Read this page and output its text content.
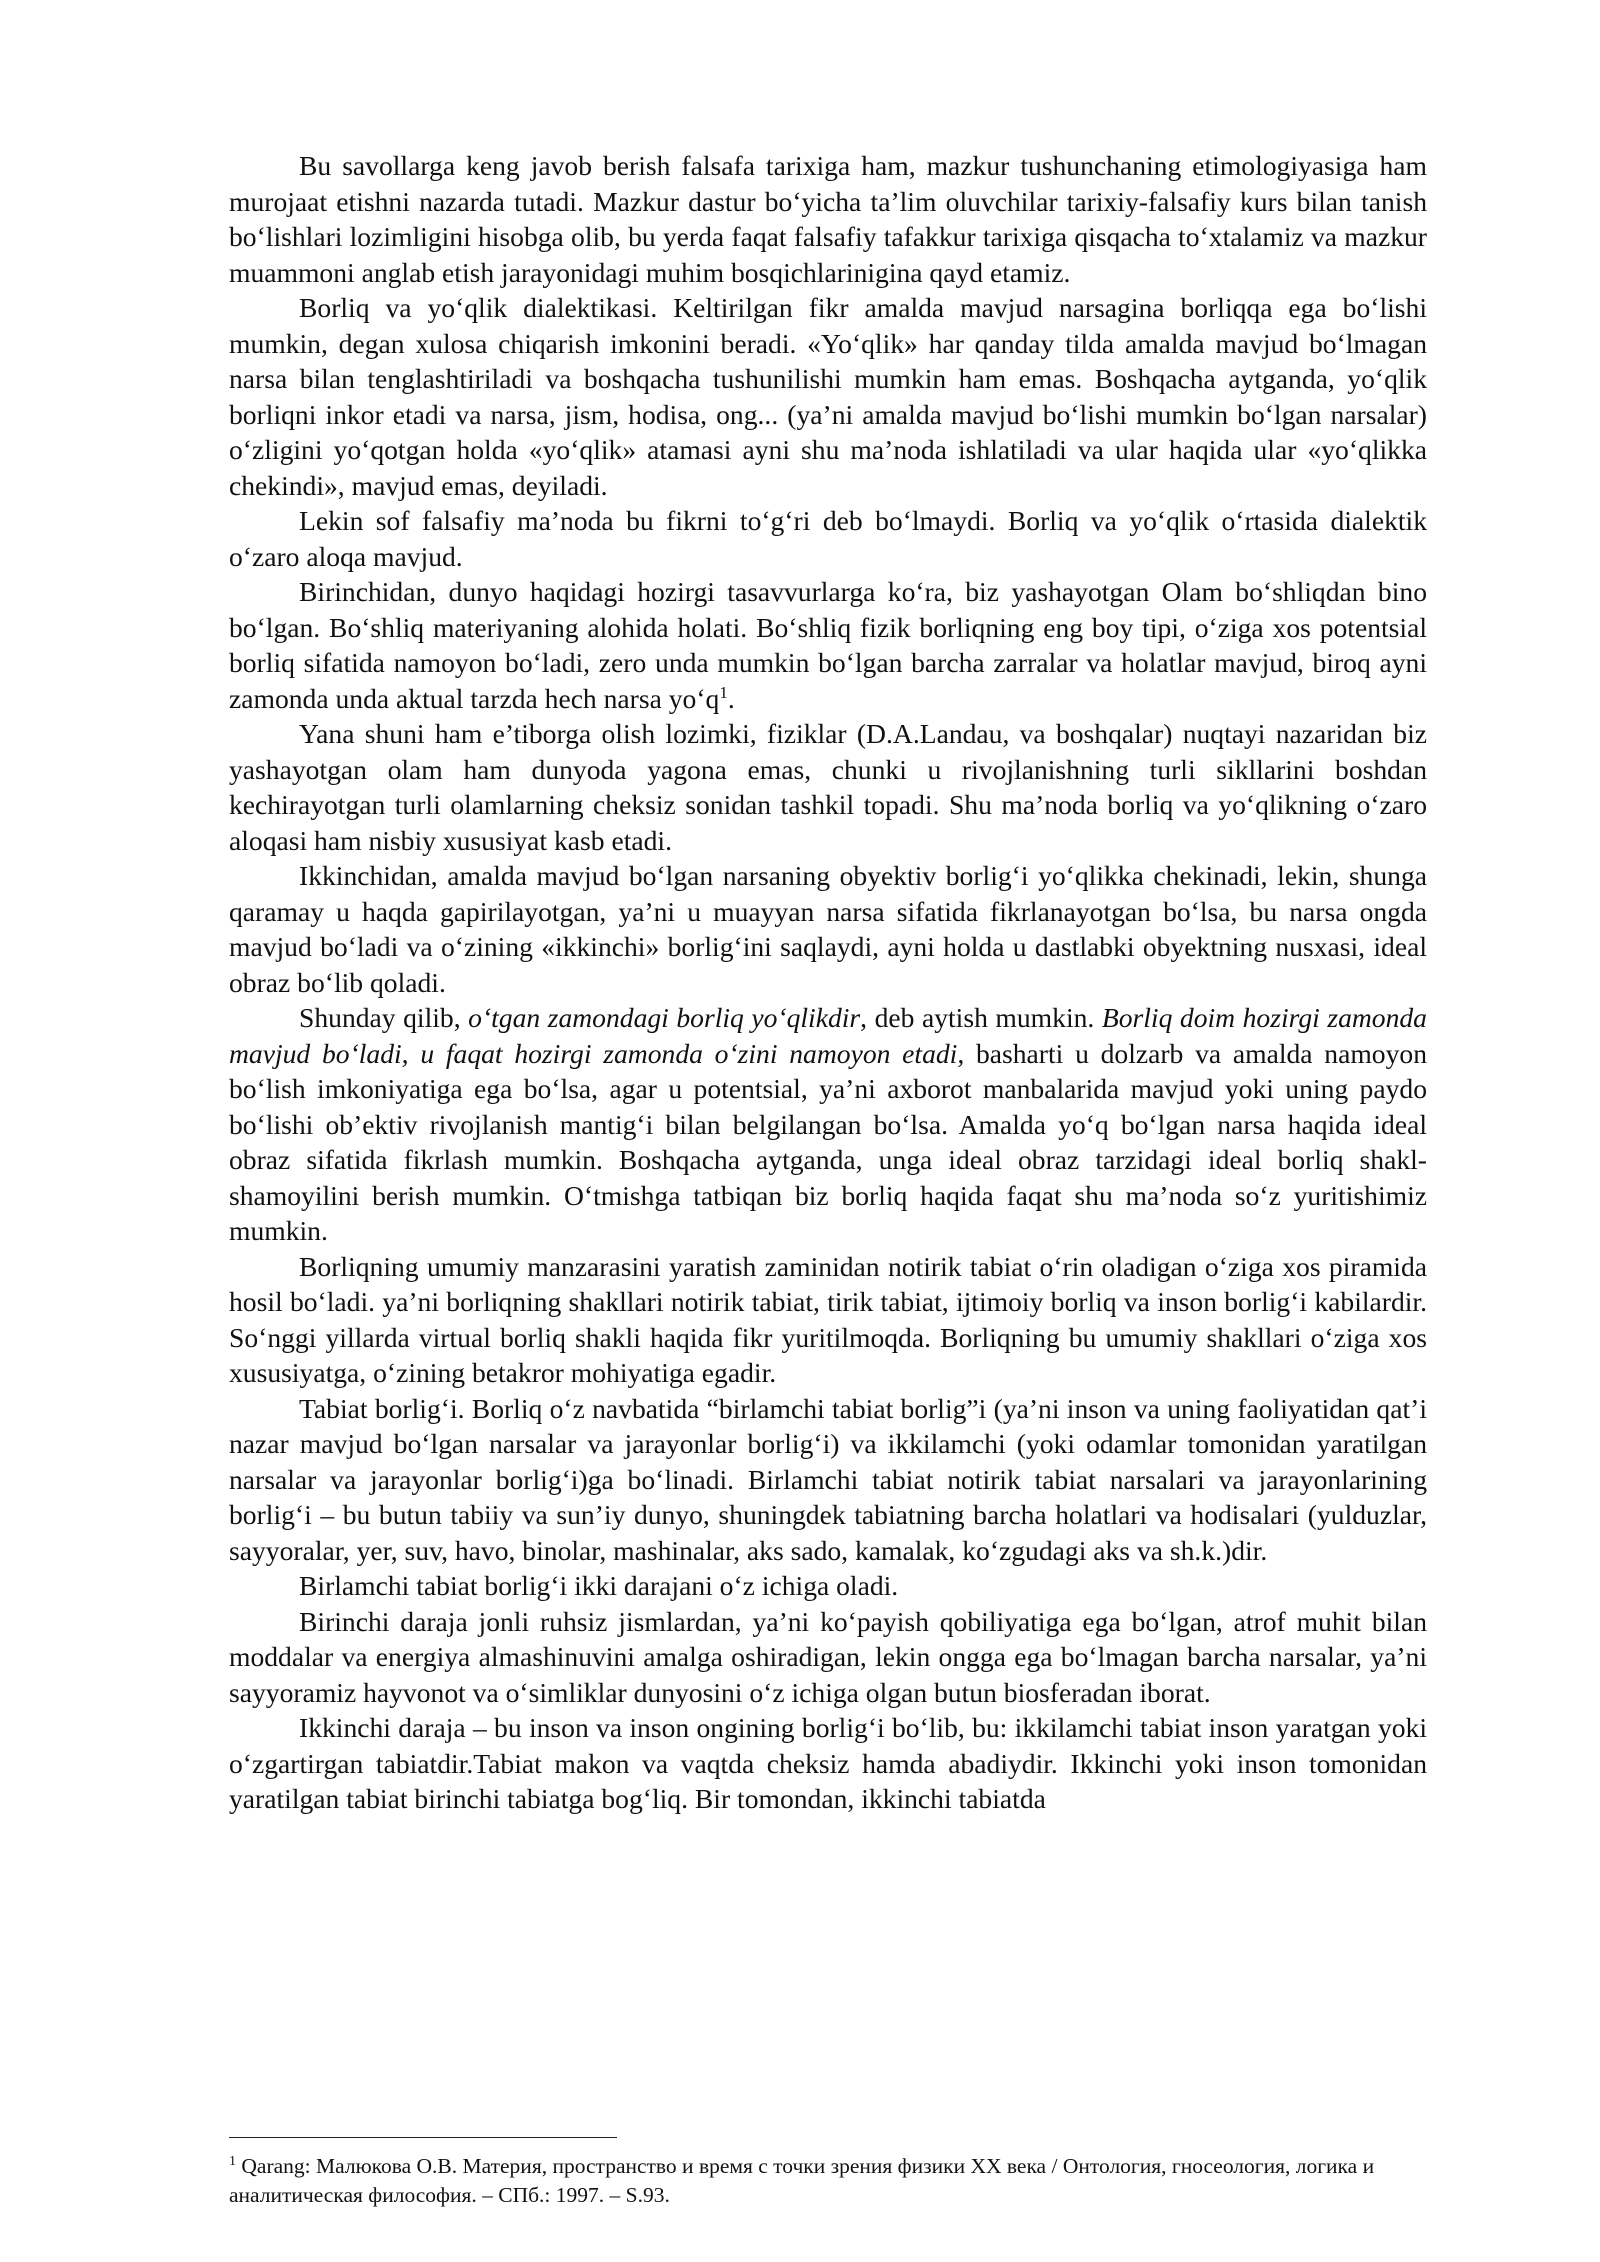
Bu savollarga keng javob berish falsafa tarixiga ham, mazkur tushunchaning etimologiyasiga ham murojaat etishni nazarda tutadi. Mazkur dastur bo‘yicha ta’lim oluvchilar tarixiy-falsafiy kurs bilan tanish bo‘lishlari lozimligini hisobga olib, bu yerda faqat falsafiy tafakkur tarixiga qisqacha to‘xtalamiz va mazkur muammoni anglab etish jarayonidagi muhim bosqichlarinigina qayd etamiz.

Borliq va yo‘qlik dialektikasi. Keltirilgan fikr amalda mavjud narsagina borliqqa ega bo‘lishi mumkin, degan xulosa chiqarish imkonini beradi. «Yo‘qlik» har qanday tilda amalda mavjud bo‘lmagan narsa bilan tenglashtiriladi va boshqacha tushunilishi mumkin ham emas. Boshqacha aytganda, yo‘qlik borliqni inkor etadi va narsa, jism, hodisa, ong... (ya’ni amalda mavjud bo‘lishi mumkin bo‘lgan narsalar) o‘zligini yo‘qotgan holda «yo‘qlik» atamasi ayni shu ma’noda ishlatiladi va ular haqida ular «yo‘qlikka chekindi», mavjud emas, deyiladi.

Lekin sof falsafiy ma’noda bu fikrni to‘g‘ri deb bo‘lmaydi. Borliq va yo‘qlik o‘rtasida dialektik o‘zaro aloqa mavjud.

Birinchidan, dunyo haqidagi hozirgi tasavvurlarga ko‘ra, biz yashayotgan Olam bo‘shliqdan bino bo‘lgan. Bo‘shliq materiyaning alohida holati. Bo‘shliq fizik borliqning eng boy tipi, o‘ziga xos potentsial borliq sifatida namoyon bo‘ladi, zero unda mumkin bo‘lgan barcha zarralar va holatlar mavjud, biroq ayni zamonda unda aktual tarzda hech narsa $yo‘q^1$.

Yana shuni ham e’tiborga olish lozimki, fiziklar (D.A.Landau, va boshqalar) nuqtayi nazaridan biz yashayotgan olam ham dunyoda yagona emas, chunki u rivojlanishning turli sikllarini boshdan kechirayotgan turli olamlarning cheksiz sonidan tashkil topadi. Shu ma’noda borliq va yo‘qlikning o‘zaro aloqasi ham nisbiy xususiyat kasb etadi.

Ikkinchidan, amalda mavjud bo‘lgan narsaning obyektiv borlig‘i yo‘qlikka chekinadi, lekin, shunga qaramay u haqda gapirilayotgan, ya’ni u muayyan narsa sifatida fikrlanayotgan bo‘lsa, bu narsa ongda mavjud bo‘ladi va o‘zining «ikkinchi» borlig‘ini saqlaydi, ayni holda u dastlabki obyektning nusxasi, ideal obraz bo‘lib qoladi.

Shunday qilib, o‘tgan zamondagi borliq yo‘qlikdir, deb aytish mumkin. Borliq doim hozirgi zamonda mavjud bo‘ladi, u faqat hozirgi zamonda o‘zini namoyon etadi, basharti u dolzarb va amalda namoyon bo‘lish imkoniyatiga ega bo‘lsa, agar u potentsial, ya’ni axborot manbalarida mavjud yoki uning paydo bo‘lishi ob’ektiv rivojlanish mantig‘i bilan belgilangan bo‘lsa. Amalda yo‘q bo‘lgan narsa haqida ideal obraz sifatida fikrlash mumkin. Boshqacha aytganda, unga ideal obraz tarzidagi ideal borliq shakl-shamoyilini berish mumkin. O‘tmishga tatbiqan biz borliq haqida faqat shu ma’noda so‘z yuritishimiz mumkin.

Borliqning umumiy manzarasini yaratish zaminidan notirik tabiat o‘rin oladigan o‘ziga xos piramida hosil bo‘ladi. ya’ni borliqning shakllari notirik tabiat, tirik tabiat, ijtimoiy borliq va inson borlig‘i kabilardir. So‘nggi yillarda virtual borliq shakli haqida fikr yuritilmoqda. Borliqning bu umumiy shakllari o‘ziga xos xususiyatga, o‘zining betakror mohiyatiga egadir.

Tabiat borlig‘i. Borliq o‘z navbatida “birlamchi tabiat borlig”i (ya’ni inson va uning faoliyatidan qat’i nazar mavjud bo‘lgan narsalar va jarayonlar borlig‘i) va ikkilamchi (yoki odamlar tomonidan yaratilgan narsalar va jarayonlar borlig‘i)ga bo‘linadi. Birlamchi tabiat notirik tabiat narsalari va jarayonlarining borlig‘i – bu butun tabiiy va sun’iy dunyo, shuningdek tabiatning barcha holatlari va hodisalari (yulduzlar, sayyoralar, yer, suv, havo, binolar, mashinalar, aks sado, kamalak, ko‘zgudagi aks va sh.k.)dir.

Birlamchi tabiat borlig‘i ikki darajani o‘z ichiga oladi.

Birinchi daraja jonli ruhsiz jismlardan, ya’ni ko‘payish qobiliyatiga ega bo‘lgan, atrof muhit bilan moddalar va energiya almashinuvini amalga oshiradigan, lekin ongga ega bo‘lmagan barcha narsalar, ya’ni sayyoramiz hayvonot va o‘simliklar dunyosini o‘z ichiga olgan butun biosferadan iborat.

Ikkinchi daraja – bu inson va inson ongining borlig‘i bo‘lib, bu: ikkilamchi tabiat inson yaratgan yoki o‘zgartirgan tabiatdir.Tabiat makon va vaqtda cheksiz hamda abadiydir. Ikkinchi yoki inson tomonidan yaratilgan tabiat birinchi tabiatga bog‘liq. Bir tomondan, ikkinchi tabiatda

$^1$ Qarang: Малюкова О.В. Материя, пространство и время с точки зрения физики ХХ века / Онтология, гносеология, логика и аналитическая философия. – СПб.: 1997. – S.93.
